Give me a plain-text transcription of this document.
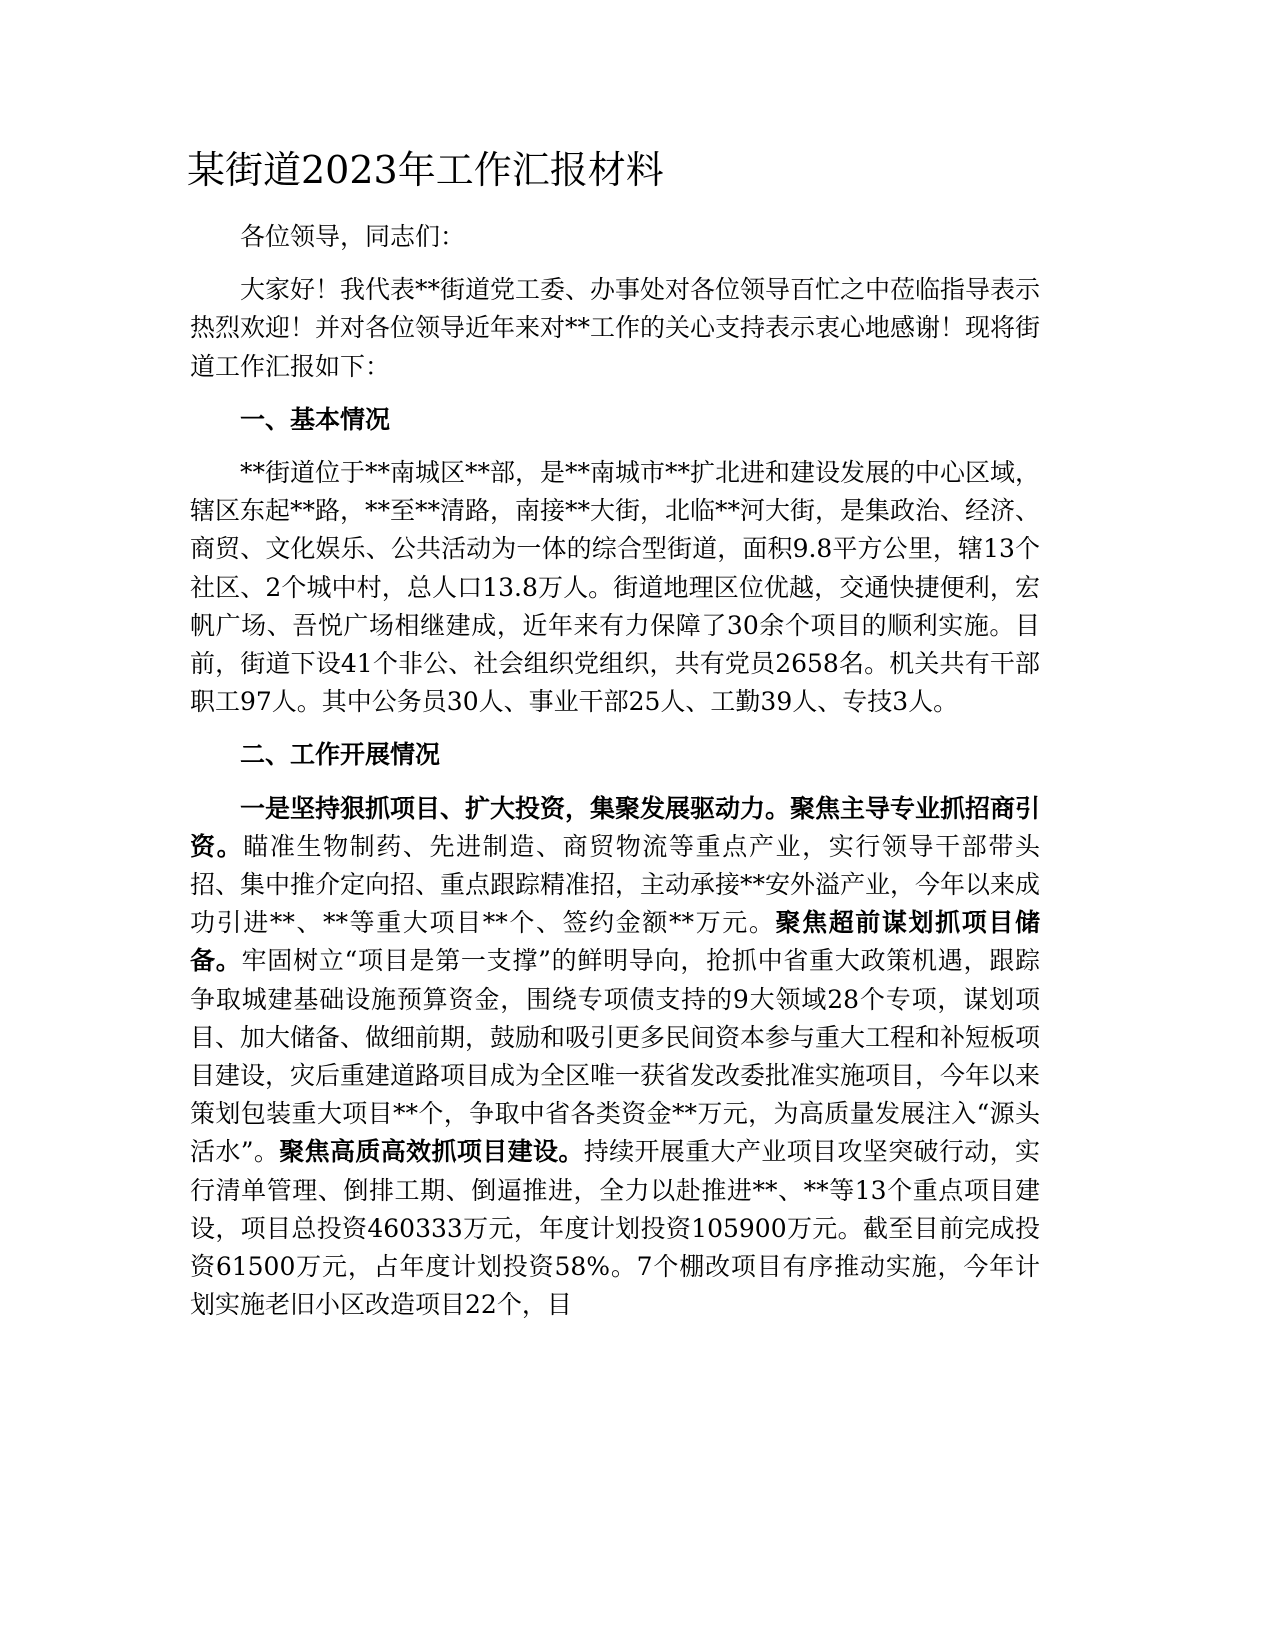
某街道2023年工作汇报材料

各位领导，同志们：

大家好！我代表**街道党工委、办事处对各位领导百忙之中莅临指导表示热烈欢迎！并对各位领导近年来对**工作的关心支持表示衷心地感谢！现将街道工作汇报如下：

一、基本情况

**街道位于**南城区**部，是**南城市**扩北进和建设发展的中心区域，辖区东起**路，**至**清路，南接**大街，北临**河大街，是集政治、经济、商贸、文化娱乐、公共活动为一体的综合型街道，面积9.8平方公里，辖13个社区、2个城中村，总人口13.8万人。街道地理区位优越，交通快捷便利，宏帆广场、吾悦广场相继建成，近年来有力保障了30余个项目的顺利实施。目前，街道下设41个非公、社会组织党组织，共有党员2658名。机关共有干部职工97人。其中公务员30人、事业干部25人、工勤39人、专技3人。

二、工作开展情况

一是坚持狠抓项目、扩大投资，集聚发展驱动力。聚焦主导专业抓招商引资。瞄准生物制药、先进制造、商贸物流等重点产业，实行领导干部带头招、集中推介定向招、重点跟踪精准招，主动承接**安外溢产业，今年以来成功引进**、**等重大项目**个、签约金额**万元。聚焦超前谋划抓项目储备。牢固树立“项目是第一支撑”的鲜明导向，抢抓中省重大政策机遇，跟踪争取城建基础设施预算资金，围绕专项债支持的9大领域28个专项，谋划项目、加大储备、做细前期，鼓励和吸引更多民间资本参与重大工程和补短板项目建设，灾后重建道路项目成为全区唯一获省发改委批准实施项目，今年以来策划包装重大项目**个，争取中省各类资金**万元，为高质量发展注入“源头活水”。聚焦高质高效抓项目建设。持续开展重大产业项目攻坚突破行动，实行清单管理、倒排工期、倒逼推进，全力以赴推进**、**等13个重点项目建设，项目总投资460333万元，年度计划投资105900万元。截至目前完成投资61500万元，占年度计划投资58%。7个棚改项目有序推动实施，今年计划实施老旧小区改造项目22个，目
